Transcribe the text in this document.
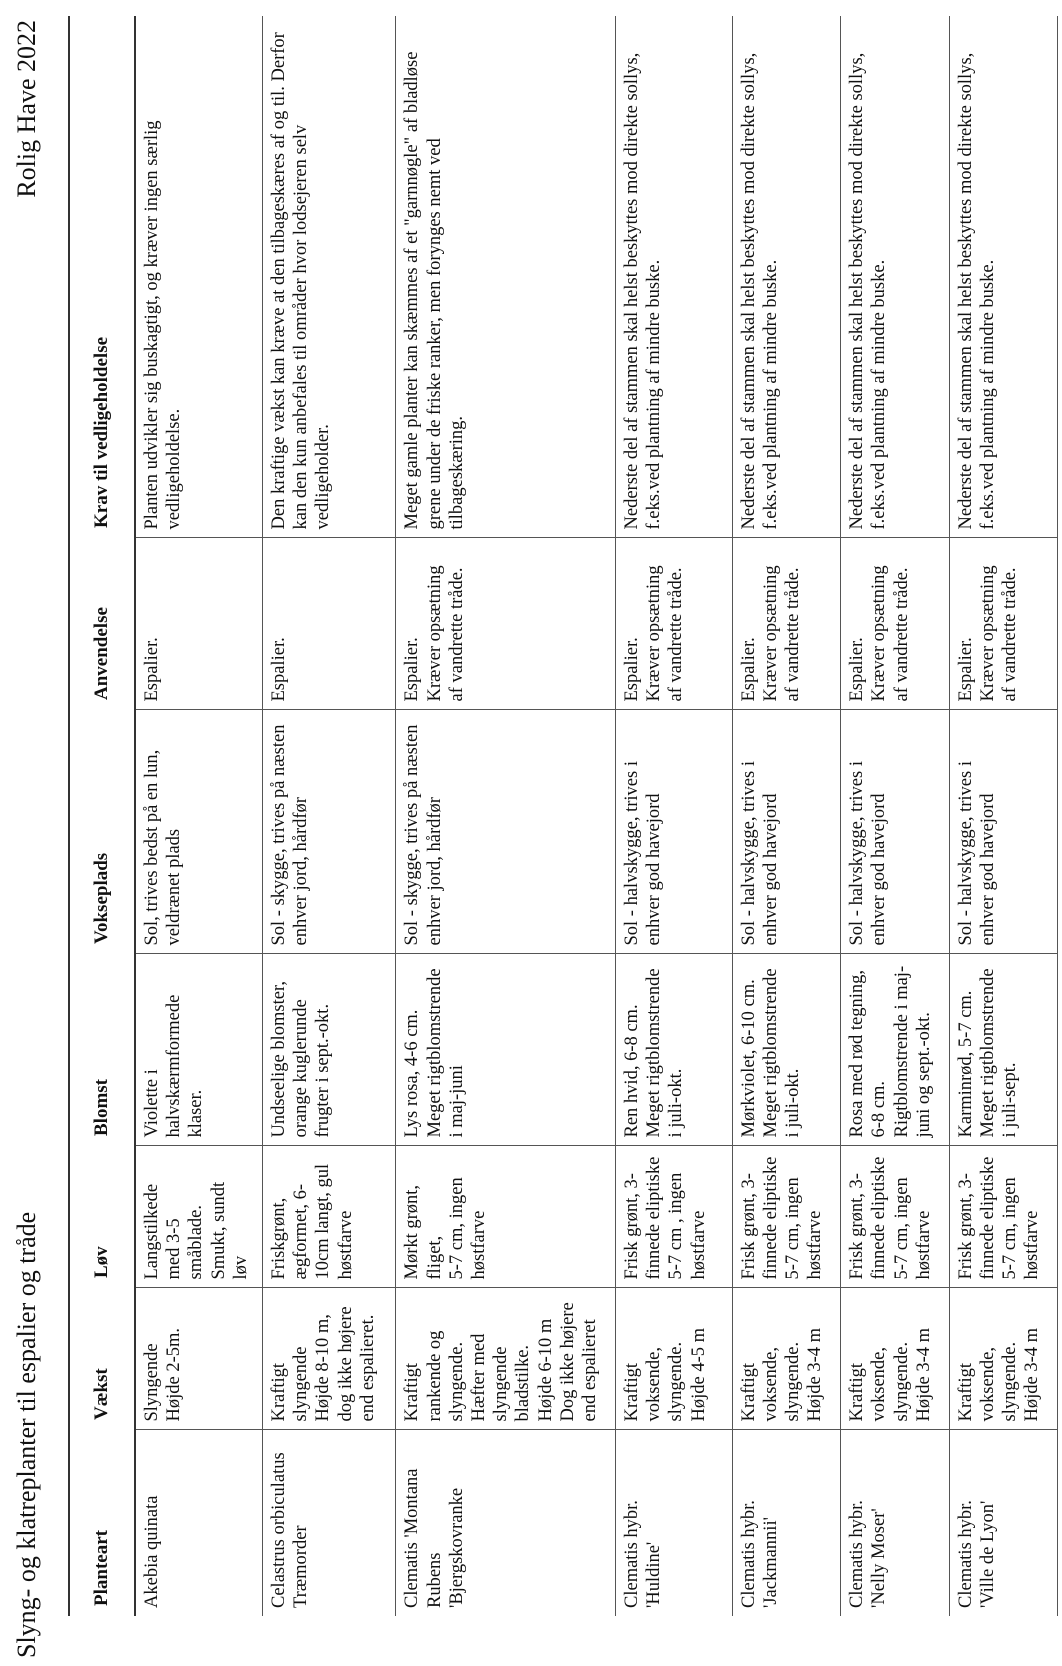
Slyng- og klatreplanter til espalier og tråde
Rolig Have 2022
Planteart	Vækst	Løv	Blomst	Vokseplads	Anvendelse	Krav til vedligeholdelse

Akebia quinata	Slyngende Højde 2-5m.	Langstilkede med 3-5 småblade. Smukt, sundt løv	Violette i halvskærmformede klaser.	Sol, trives bedst på en lun, veldrænet plads	Espalier.	Planten udvikler sig buskagtigt, og kræver ingen særlig vedligeholdelse.

Celastrus orbiculatus Træmorder	Kraftigt slyngende Højde 8-10 m, dog ikke højere end espalieret.	Friskgrønt, ægformet, 6-10cm langt, gul høstfarve	Undseelige blomster, orange kuglerunde frugter i sept.-okt.	Sol - skygge, trives på næsten enhver jord, hårdfør	Espalier.	Den kraftige vækst kan kræve at den tilbageskæres af og til. Derfor kan den kun anbefales til områder hvor lodsejeren selv vedligeholder.

Clematis 'Montana Rubens 'Bjergskovranke	Kraftigt rankende og slyngende. Hæfter med slyngende bladstilke. Højde 6-10 m Dog ikke højere end espalieret	Mørkt grønt, fliget, 5-7 cm, ingen høstfarve	Lys rosa, 4-6 cm. Meget rigtblomstrende i maj-juni	Sol - skygge, trives på næsten enhver jord, hårdfør	Espalier. Kræver opsætning af vandrette tråde.	Meget gamle planter kan skæmmes af et "garnnøgle" af bladløse grene under de friske ranker, men forynges nemt ved tilbageskæring.

Clematis hybr. 'Huldine'	Kraftigt voksende, slyngende. Højde 4-5 m	Frisk grønt, 3-finnede eliptiske 5-7 cm , ingen høstfarve	Ren hvid, 6-8 cm. Meget rigtblomstrende i juli-okt.	Sol - halvskygge, trives i enhver god havejord	Espalier. Kræver opsætning af vandrette tråde.	Nederste del af stammen skal helst beskyttes mod direkte sollys, f.eks.ved plantning af mindre buske.

Clematis hybr. 'Jackmannii'	Kraftigt voksende, slyngende. Højde 3-4 m	Frisk grønt, 3-finnede eliptiske 5-7 cm, ingen høstfarve	Mørkviolet, 6-10 cm. Meget rigtblomstrende i juli-okt.	Sol - halvskygge, trives i enhver god havejord	Espalier. Kræver opsætning af vandrette tråde.	Nederste del af stammen skal helst beskyttes mod direkte sollys, f.eks.ved plantning af mindre buske.

Clematis hybr. 'Nelly Moser'	Kraftigt voksende, slyngende. Højde 3-4 m	Frisk grønt, 3-finnede eliptiske 5-7 cm, ingen høstfarve	Rosa med rød tegning, 6-8 cm. Rigtblomstrende i maj-juni og sept.-okt.	Sol - halvskygge, trives i enhver god havejord	Espalier. Kræver opsætning af vandrette tråde.	Nederste del af stammen skal helst beskyttes mod direkte sollys, f.eks.ved plantning af mindre buske.

Clematis hybr. 'Ville de Lyon'	Kraftigt voksende, slyngende. Højde 3-4 m	Frisk grønt, 3-finnede eliptiske 5-7 cm, ingen høstfarve	Karminrød, 5-7 cm. Meget rigtblomstrende i juli-sept.	Sol - halvskygge, trives i enhver god havejord	Espalier. Kræver opsætning af vandrette tråde.	Nederste del af stammen skal helst beskyttes mod direkte sollys, f.eks.ved plantning af mindre buske.
